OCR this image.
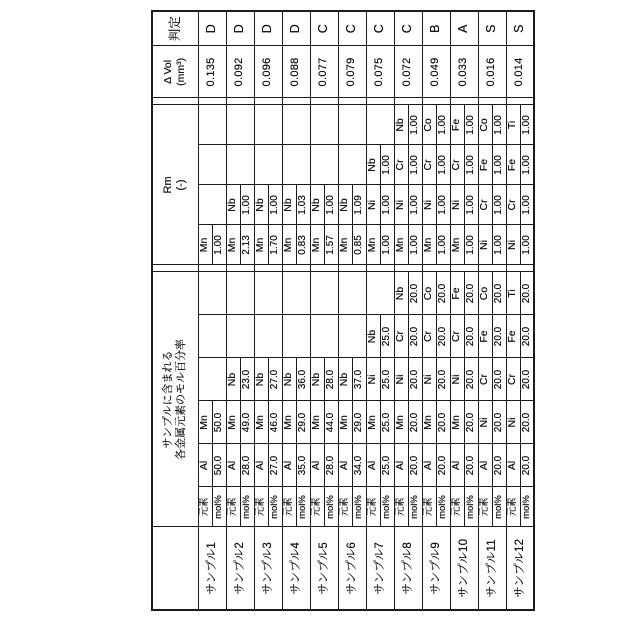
サンプルに含まれる 各金属元素のモル百分率

Rm (-)

Δ Vol (mm³)
	判定
サンプル1	元素	Al	Mn					Mn					0.135	D
	mol%	50.0	50.0					1.00						
サンプル2	元素	Al	Mn	Nb				Mn	Nb				0.092	D
	mol%	28.0	49.0	23.0				2.13	1.00					
サンプル3	元素	Al	Mn	Nb				Mn	Nb				0.096	D
	mol%	27.0	46.0	27.0				1.70	1.00					
サンプル4	元素	Al	Mn	Nb				Mn	Nb				0.088	D
	mol%	35.0	29.0	36.0				0.83	1.03					
サンプル5	元素	Al	Mn	Nb				Mn	Nb				0.077	C
	mol%	28.0	44.0	28.0				1.57	1.00					
サンプル6	元素	Al	Mn	Nb				Mn	Nb				0.079	C
	mol%	34.0	29.0	37.0				0.85	1.09					
サンプル7	元素	Al	Mn	Ni	Nb			Mn	Ni	Nb			0.075	C
	mol%	25.0	25.0	25.0	25.0			1.00	1.00	1.00				
サンプル8	元素	Al	Mn	Ni	Cr	Nb		Mn	Ni	Cr	Nb		0.072	C
	mol%	20.0	20.0	20.0	20.0	20.0		1.00	1.00	1.00	1.00			
サンプル9	元素	Al	Mn	Ni	Cr	Co		Mn	Ni	Cr	Co		0.049	B
	mol%	20.0	20.0	20.0	20.0	20.0		1.00	1.00	1.00	1.00			
サンプル10	元素	Al	Mn	Ni	Cr	Fe		Mn	Ni	Cr	Fe		0.033	A
	mol%	20.0	20.0	20.0	20.0	20.0		1.00	1.00	1.00	1.00			
サンプル11	元素	Al	Ni	Cr	Fe	Co		Ni	Cr	Fe	Co		0.016	S
	mol%	20.0	20.0	20.0	20.0	20.0		1.00	1.00	1.00	1.00			
サンプル12	元素	Al	Ni	Cr	Fe	Ti		Ni	Cr	Fe	Ti		0.014	S
	mol%	20.0	20.0	20.0	20.0	20.0		1.00	1.00	1.00	1.00			
